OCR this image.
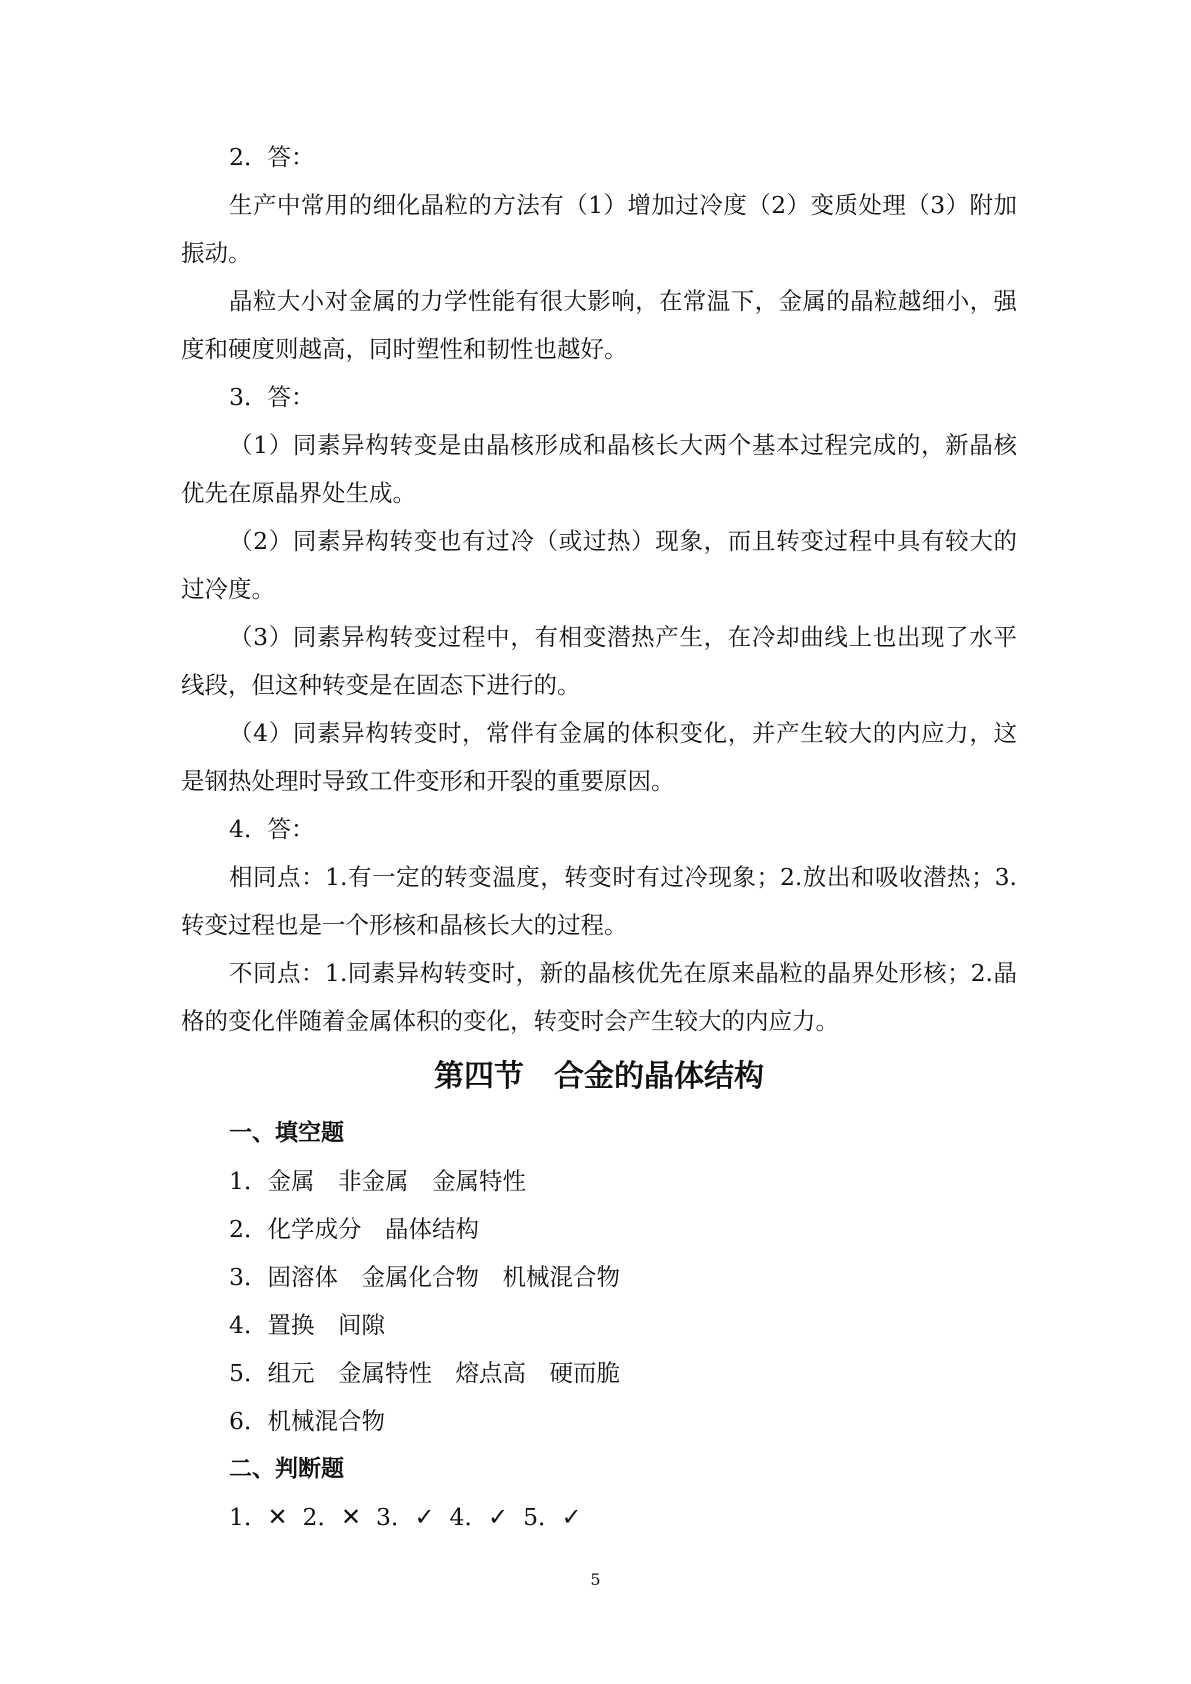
2．答：

生产中常用的细化晶粒的方法有（1）增加过冷度（2）变质处理（3）附加振动。

晶粒大小对金属的力学性能有很大影响，在常温下，金属的晶粒越细小，强度和硬度则越高，同时塑性和韧性也越好。

3．答：

（1）同素异构转变是由晶核形成和晶核长大两个基本过程完成的，新晶核优先在原晶界处生成。

（2）同素异构转变也有过冷（或过热）现象，而且转变过程中具有较大的过冷度。

（3）同素异构转变过程中，有相变潜热产生，在冷却曲线上也出现了水平线段，但这种转变是在固态下进行的。

（4）同素异构转变时，常伴有金属的体积变化，并产生较大的内应力，这是钢热处理时导致工件变形和开裂的重要原因。

4．答：

相同点：1.有一定的转变温度，转变时有过冷现象；2.放出和吸收潜热；3.转变过程也是一个形核和晶核长大的过程。

不同点：1.同素异构转变时，新的晶核优先在原来晶粒的晶界处形核；2.晶格的变化伴随着金属体积的变化，转变时会产生较大的内应力。

第四节　合金的晶体结构

一、填空题

1．金属　非金属　金属特性

2．化学成分　晶体结构

3．固溶体　金属化合物　机械混合物

4．置换　间隙

5．组元　金属特性　熔点高　硬而脆

6．机械混合物

二、判断题

1．✕ 2．✕ 3．✓ 4．✓ 5．✓

5
